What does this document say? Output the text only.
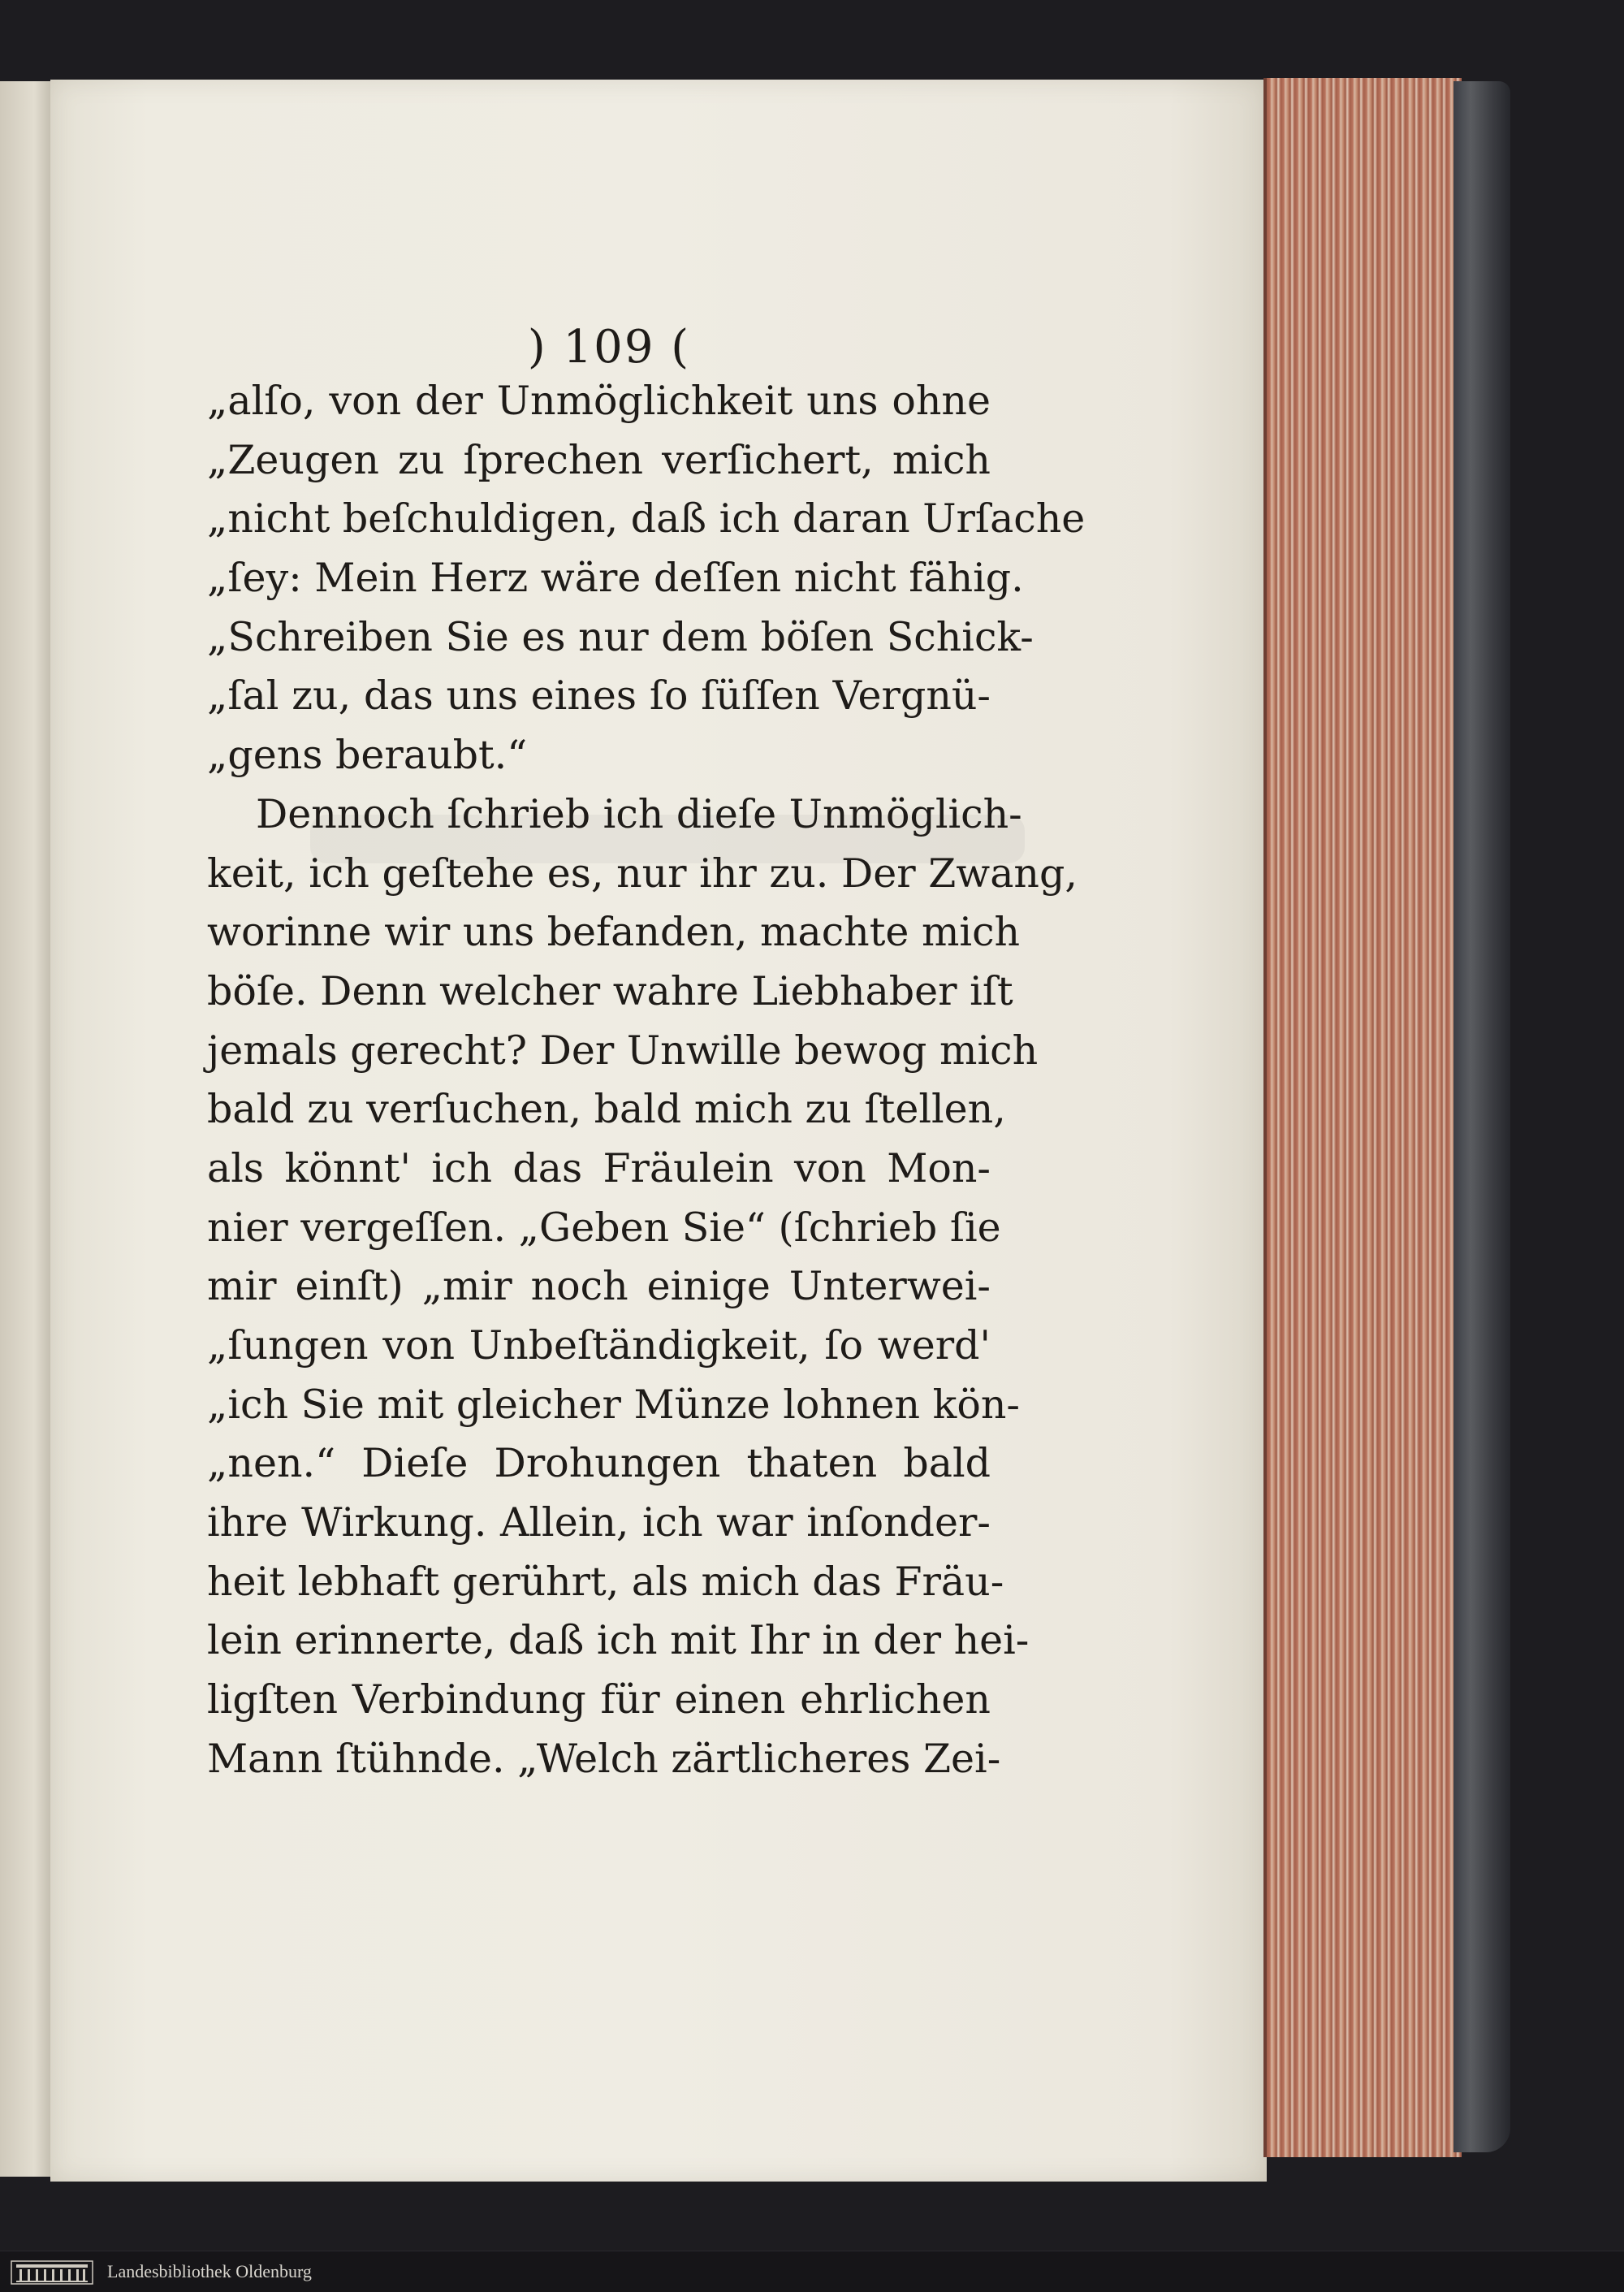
) 109 (
„alſo, von der Unmöglichkeit uns ohne
„Zeugen zu ſprechen verſichert, mich
„nicht beſchuldigen, daß ich daran Urſache
„ſey: Mein Herz wäre deſſen nicht fähig.
„Schreiben Sie es nur dem böſen Schick-
„ſal zu, das uns eines ſo ſüſſen Vergnü-
„gens beraubt.“
Dennoch ſchrieb ich dieſe Unmöglich-
keit, ich geſtehe es, nur ihr zu. Der Zwang,
worinne wir uns befanden, machte mich
böſe. Denn welcher wahre Liebhaber iſt
jemals gerecht? Der Unwille bewog mich
bald zu verſuchen, bald mich zu ſtellen,
als könnt' ich das Fräulein von Mon-
nier vergeſſen. „Geben Sie“ (ſchrieb ſie
mir einſt) „mir noch einige Unterwei-
„ſungen von Unbeſtändigkeit, ſo werd'
„ich Sie mit gleicher Münze lohnen kön-
„nen.“ Dieſe Drohungen thaten bald
ihre Wirkung. Allein, ich war inſonder-
heit lebhaft gerührt, als mich das Fräu-
lein erinnerte, daß ich mit Ihr in der hei-
ligſten Verbindung für einen ehrlichen
Mann ſtühnde. „Welch zärtlicheres Zei-
Landesbibliothek Oldenburg
